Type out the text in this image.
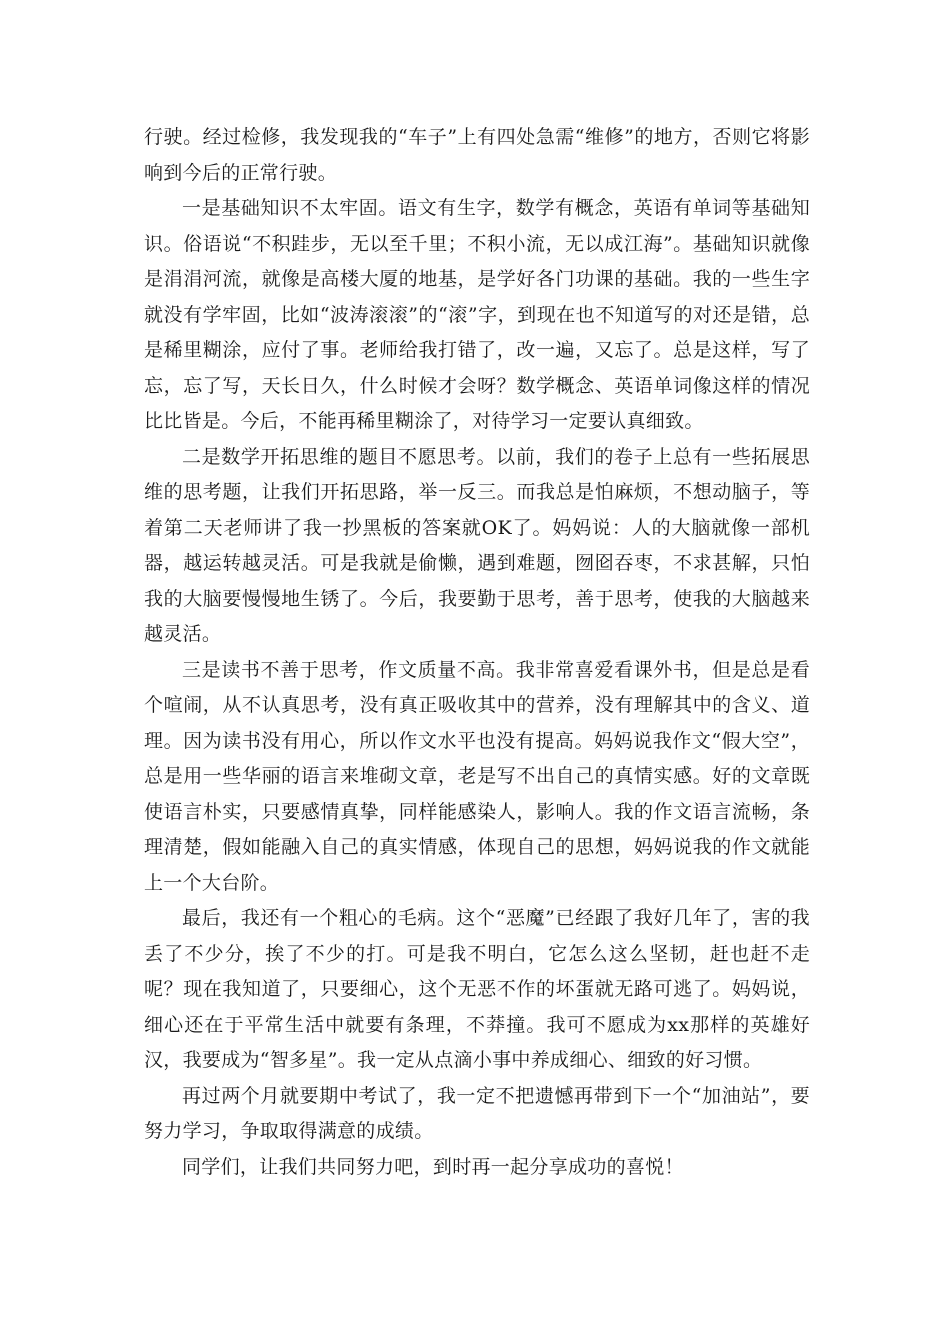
行驶。经过检修，我发现我的“车子”上有四处急需“维修”的地方，否则它将影响到今后的正常行驶。

一是基础知识不太牢固。语文有生字，数学有概念，英语有单词等基础知识。俗语说“不积跬步，无以至千里；不积小流，无以成江海”。基础知识就像是涓涓河流，就像是高楼大厦的地基，是学好各门功课的基础。我的一些生字就没有学牢固，比如“波涛滚滚”的“滚”字，到现在也不知道写的对还是错，总是稀里糊涂，应付了事。老师给我打错了，改一遍，又忘了。总是这样，写了忘，忘了写，天长日久，什么时候才会呀？数学概念、英语单词像这样的情况比比皆是。今后，不能再稀里糊涂了，对待学习一定要认真细致。

二是数学开拓思维的题目不愿思考。以前，我们的卷子上总有一些拓展思维的思考题，让我们开拓思路，举一反三。而我总是怕麻烦，不想动脑子，等着第二天老师讲了我一抄黑板的答案就OK了。妈妈说：人的大脑就像一部机器，越运转越灵活。可是我就是偷懒，遇到难题，囫囵吞枣，不求甚解，只怕我的大脑要慢慢地生锈了。今后，我要勤于思考，善于思考，使我的大脑越来越灵活。

三是读书不善于思考，作文质量不高。我非常喜爱看课外书，但是总是看个喧闹，从不认真思考，没有真正吸收其中的营养，没有理解其中的含义、道理。因为读书没有用心，所以作文水平也没有提高。妈妈说我作文“假大空”，总是用一些华丽的语言来堆砌文章，老是写不出自己的真情实感。好的文章既使语言朴实，只要感情真挚，同样能感染人，影响人。我的作文语言流畅，条理清楚，假如能融入自己的真实情感，体现自己的思想，妈妈说我的作文就能上一个大台阶。

最后，我还有一个粗心的毛病。这个“恶魔”已经跟了我好几年了，害的我丢了不少分，挨了不少的打。可是我不明白，它怎么这么坚韧，赶也赶不走呢？现在我知道了，只要细心，这个无恶不作的坏蛋就无路可逃了。妈妈说，细心还在于平常生活中就要有条理，不莽撞。我可不愿成为xx那样的英雄好汉，我要成为“智多星”。我一定从点滴小事中养成细心、细致的好习惯。

再过两个月就要期中考试了，我一定不把遗憾再带到下一个“加油站”，要努力学习，争取取得满意的成绩。

同学们，让我们共同努力吧，到时再一起分享成功的喜悦！
